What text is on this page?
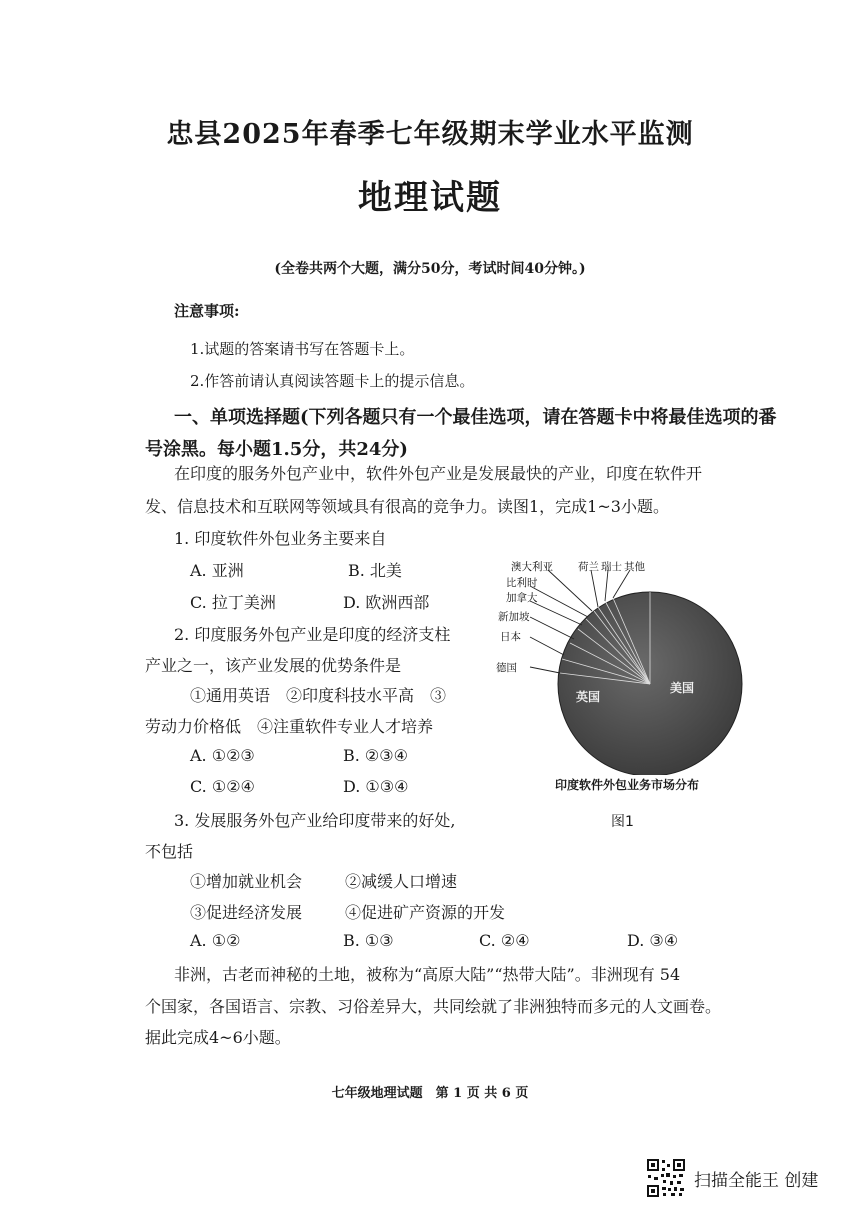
忠县2025年春季七年级期末学业水平监测
地理试题
(全卷共两个大题，满分50分，考试时间40分钟。)
注意事项:
1.试题的答案请书写在答题卡上。
2.作答前请认真阅读答题卡上的提示信息。
一、单项选择题(下列各题只有一个最佳选项，请在答题卡中将最佳选项的番
号涂黑。每小题1.5分，共24分)
在印度的服务外包产业中，软件外包产业是发展最快的产业，印度在软件开
发、信息技术和互联网等领域具有很高的竞争力。读图1，完成1~3小题。
1. 印度软件外包业务主要来自
A. 亚洲	B. 北美
C. 拉丁美洲	D. 欧洲西部
2. 印度服务外包产业是印度的经济支柱
产业之一，该产业发展的优势条件是
①通用英语　②印度科技水平高　③
劳动力价格低　④注重软件专业人才培养
A. ①②③	B. ②③④
C. ①②④	D. ①③④
3. 发展服务外包产业给印度带来的好处,
不包括
①增加就业机会	②减缓人口增速
③促进经济发展	④促进矿产资源的开发
A. ①②	B. ①③	C. ②④	D. ③④
非洲，古老而神秘的土地，被称为“高原大陆”“热带大陆”。非洲现有 54
个国家，各国语言、宗教、习俗差异大，共同绘就了非洲独特而多元的人文画卷。
据此完成4~6小题。
澳大利亚 荷兰 瑞士 其他
比利时
加拿大
新加坡
日本
德国
英国
美国
印度软件外包业务市场分布
图1
七年级地理试题　第 1 页 共 6 页
扫描全能王 创建
